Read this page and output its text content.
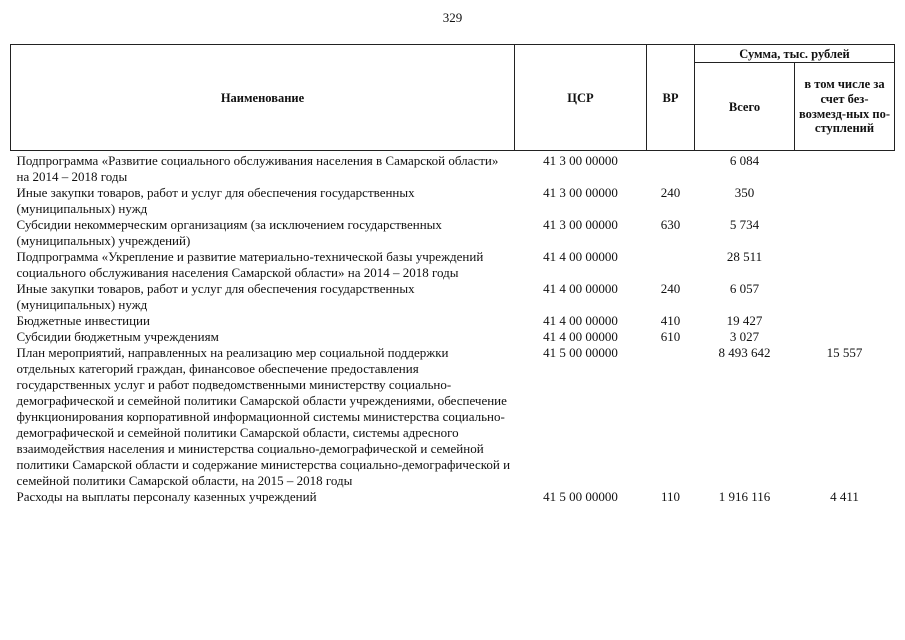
329
Наименование	ЦСР	ВР	Сумма, тыс. рублей	
			Всего	в том числе за счет без-возмезд-ных по-ступлений

Подпрограмма «Развитие социального обслуживания населения в Самарской области» на 2014 – 2018 годы	41 3 00 00000		6 084	
Иные закупки товаров, работ и услуг для обеспечения государственных (муниципальных) нужд	41 3 00 00000	240	350	
Субсидии некоммерческим организациям (за исключением государственных (муниципальных) учреждений)	41 3 00 00000	630	5 734	
Подпрограмма «Укрепление и развитие материально-технической базы учреждений социального обслуживания населения Самарской области» на 2014 – 2018 годы	41 4 00 00000		28 511	
Иные закупки товаров, работ и услуг для обеспечения государственных (муниципальных) нужд	41 4 00 00000	240	6 057	
Бюджетные инвестиции	41 4 00 00000	410	19 427	
Субсидии бюджетным учреждениям	41 4 00 00000	610	3 027	
План мероприятий, направленных на реализацию мер социальной поддержки отдельных категорий граждан, финансовое обеспечение предоставления государственных услуг и работ подведомственными министерству социально-демографической и семейной политики Самарской области учреждениями, обеспечение функционирования корпоративной информационной системы министерства социально-демографической и семейной политики Самарской области, системы адресного взаимодействия населения и министерства социально-демографической и семейной политики Самарской области и содержание министерства социально-демографической и семейной политики Самарской области, на 2015 – 2018 годы	41 5 00 00000		8 493 642	15 557
Расходы на выплаты персоналу казенных учреждений	41 5 00 00000	110	1 916 116	4 411
